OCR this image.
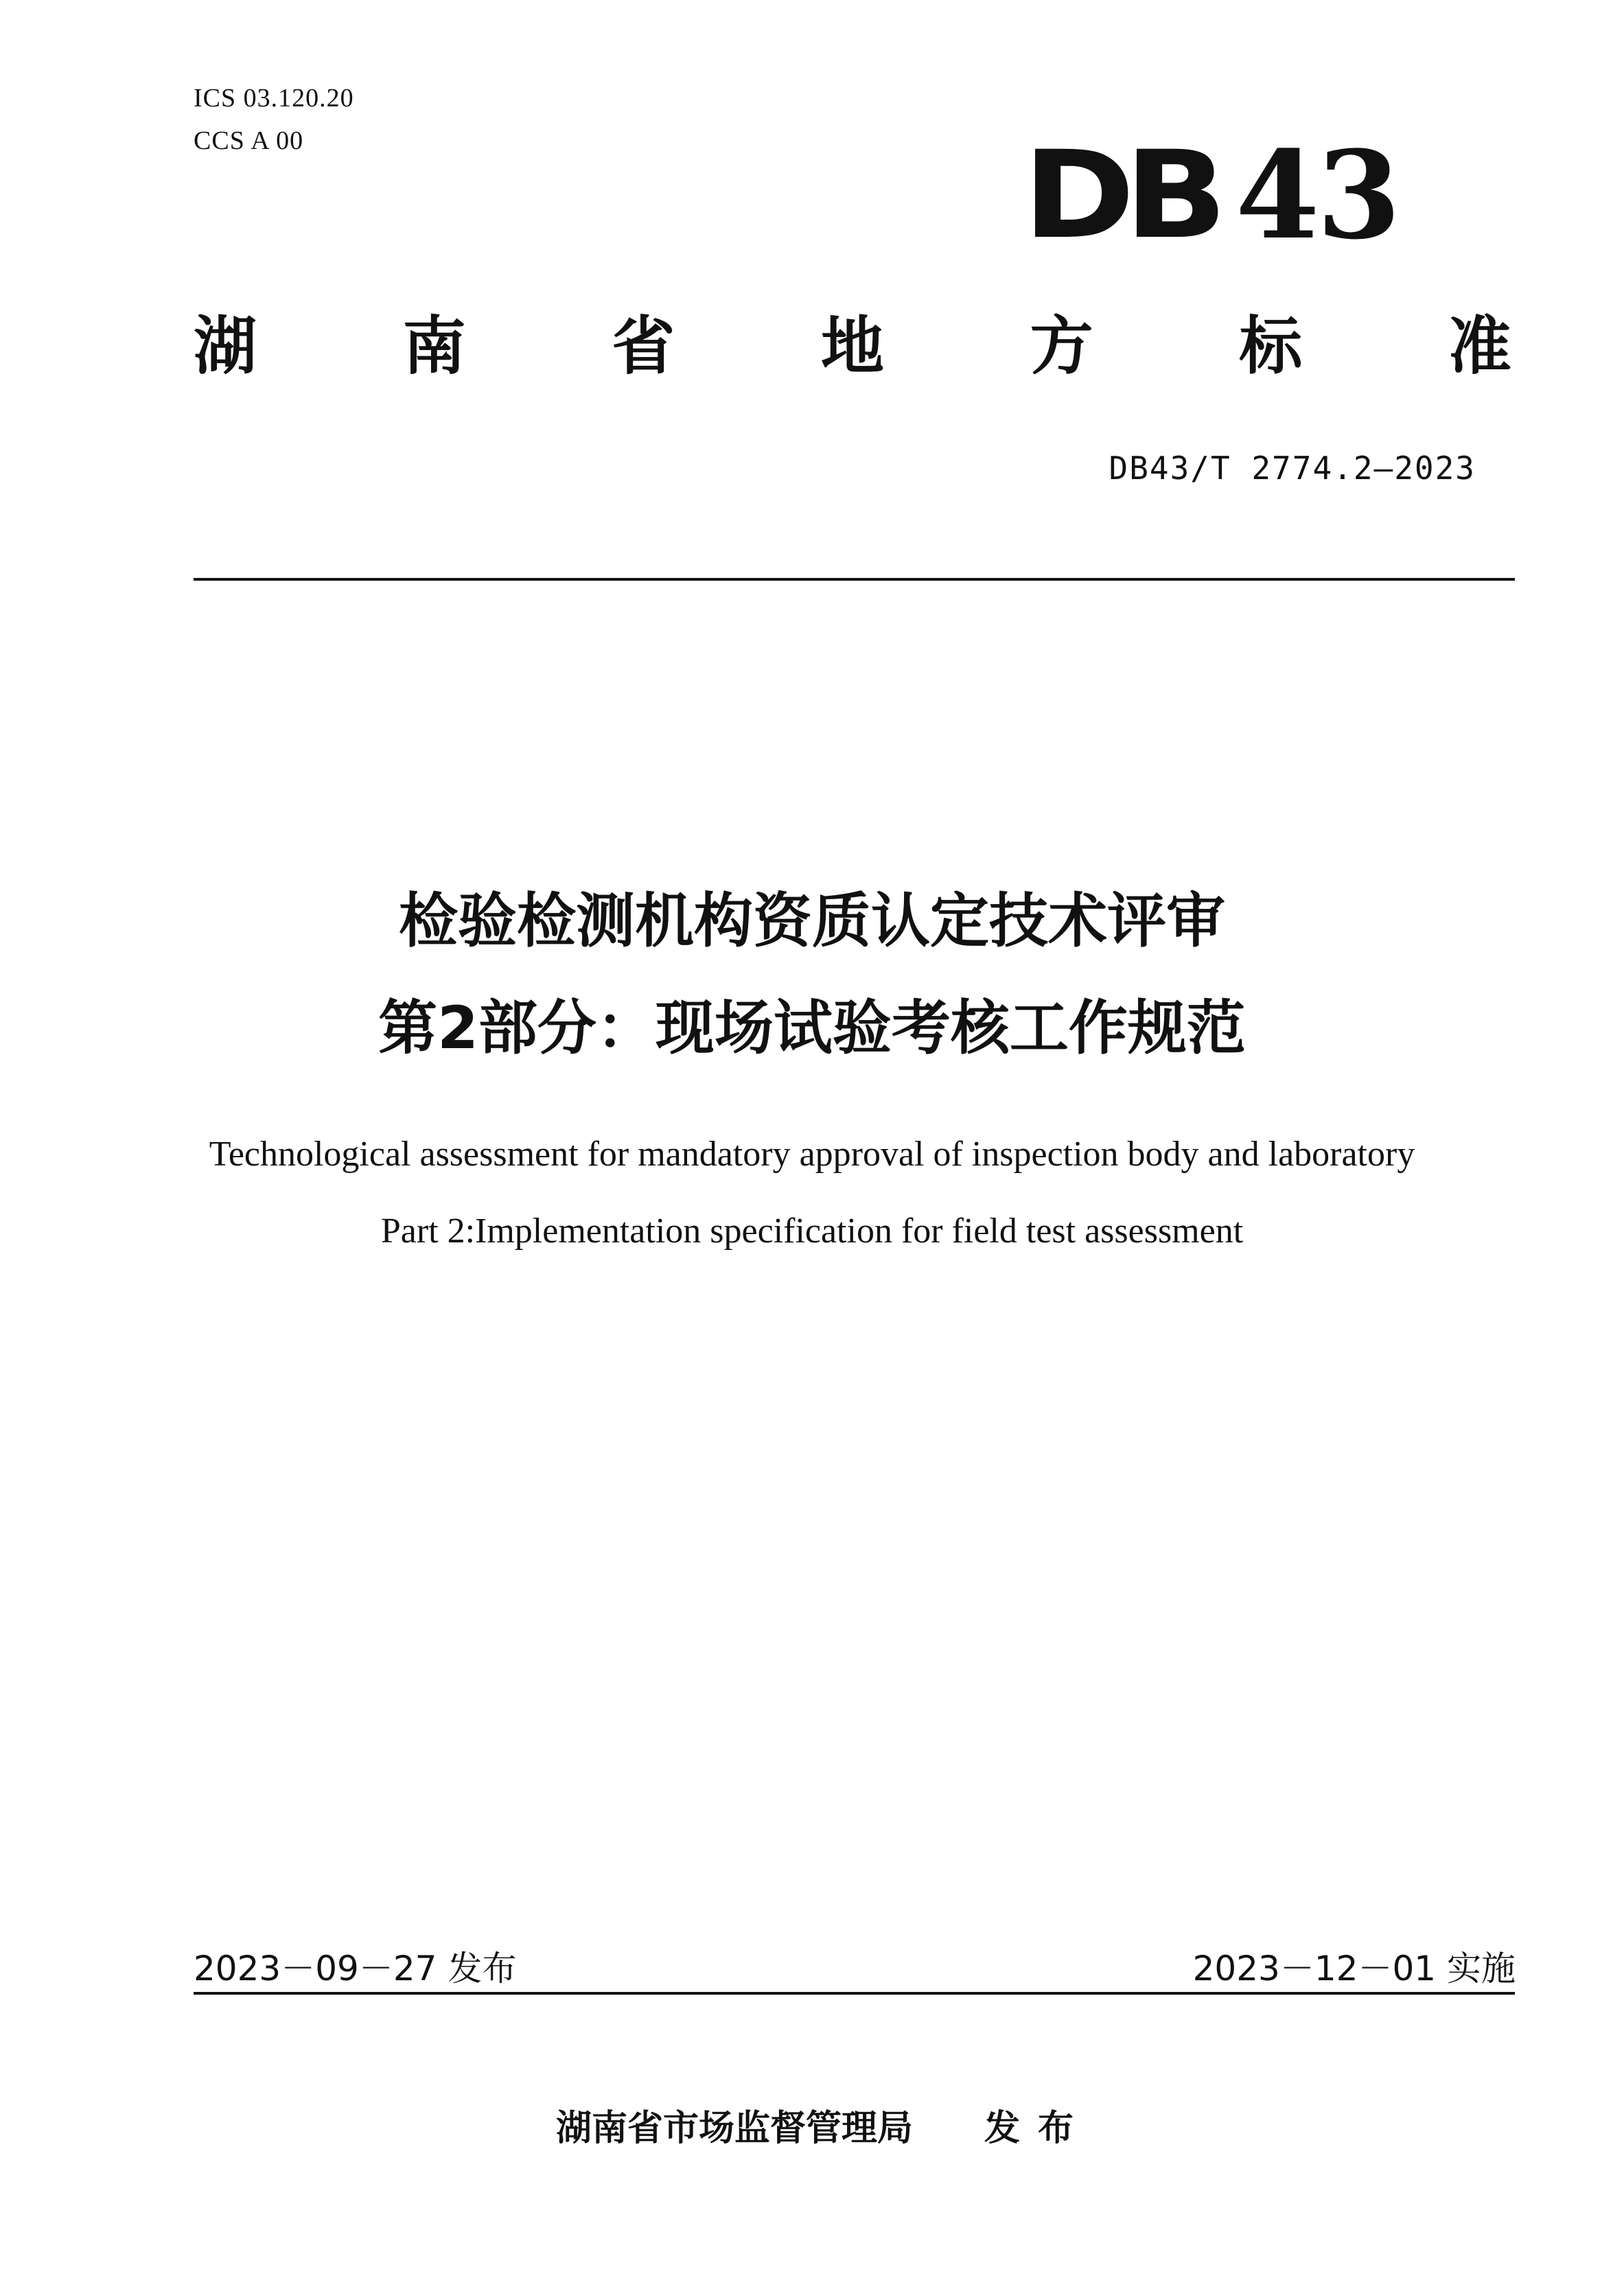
ICS 03.120.20
CCS A 00	DB 43
湖 南 省 地 方 标 准
DB43/T 2774.2—2023
检验检测机构资质认定技术评审
第2部分：现场试验考核工作规范
Technological assessment for mandatory approval of inspection body and laboratory
Part 2:Implementation specification for field test assessment
2023－09－27 发布	2023－12－01 实施
湖南省市场监督管理局 发布
